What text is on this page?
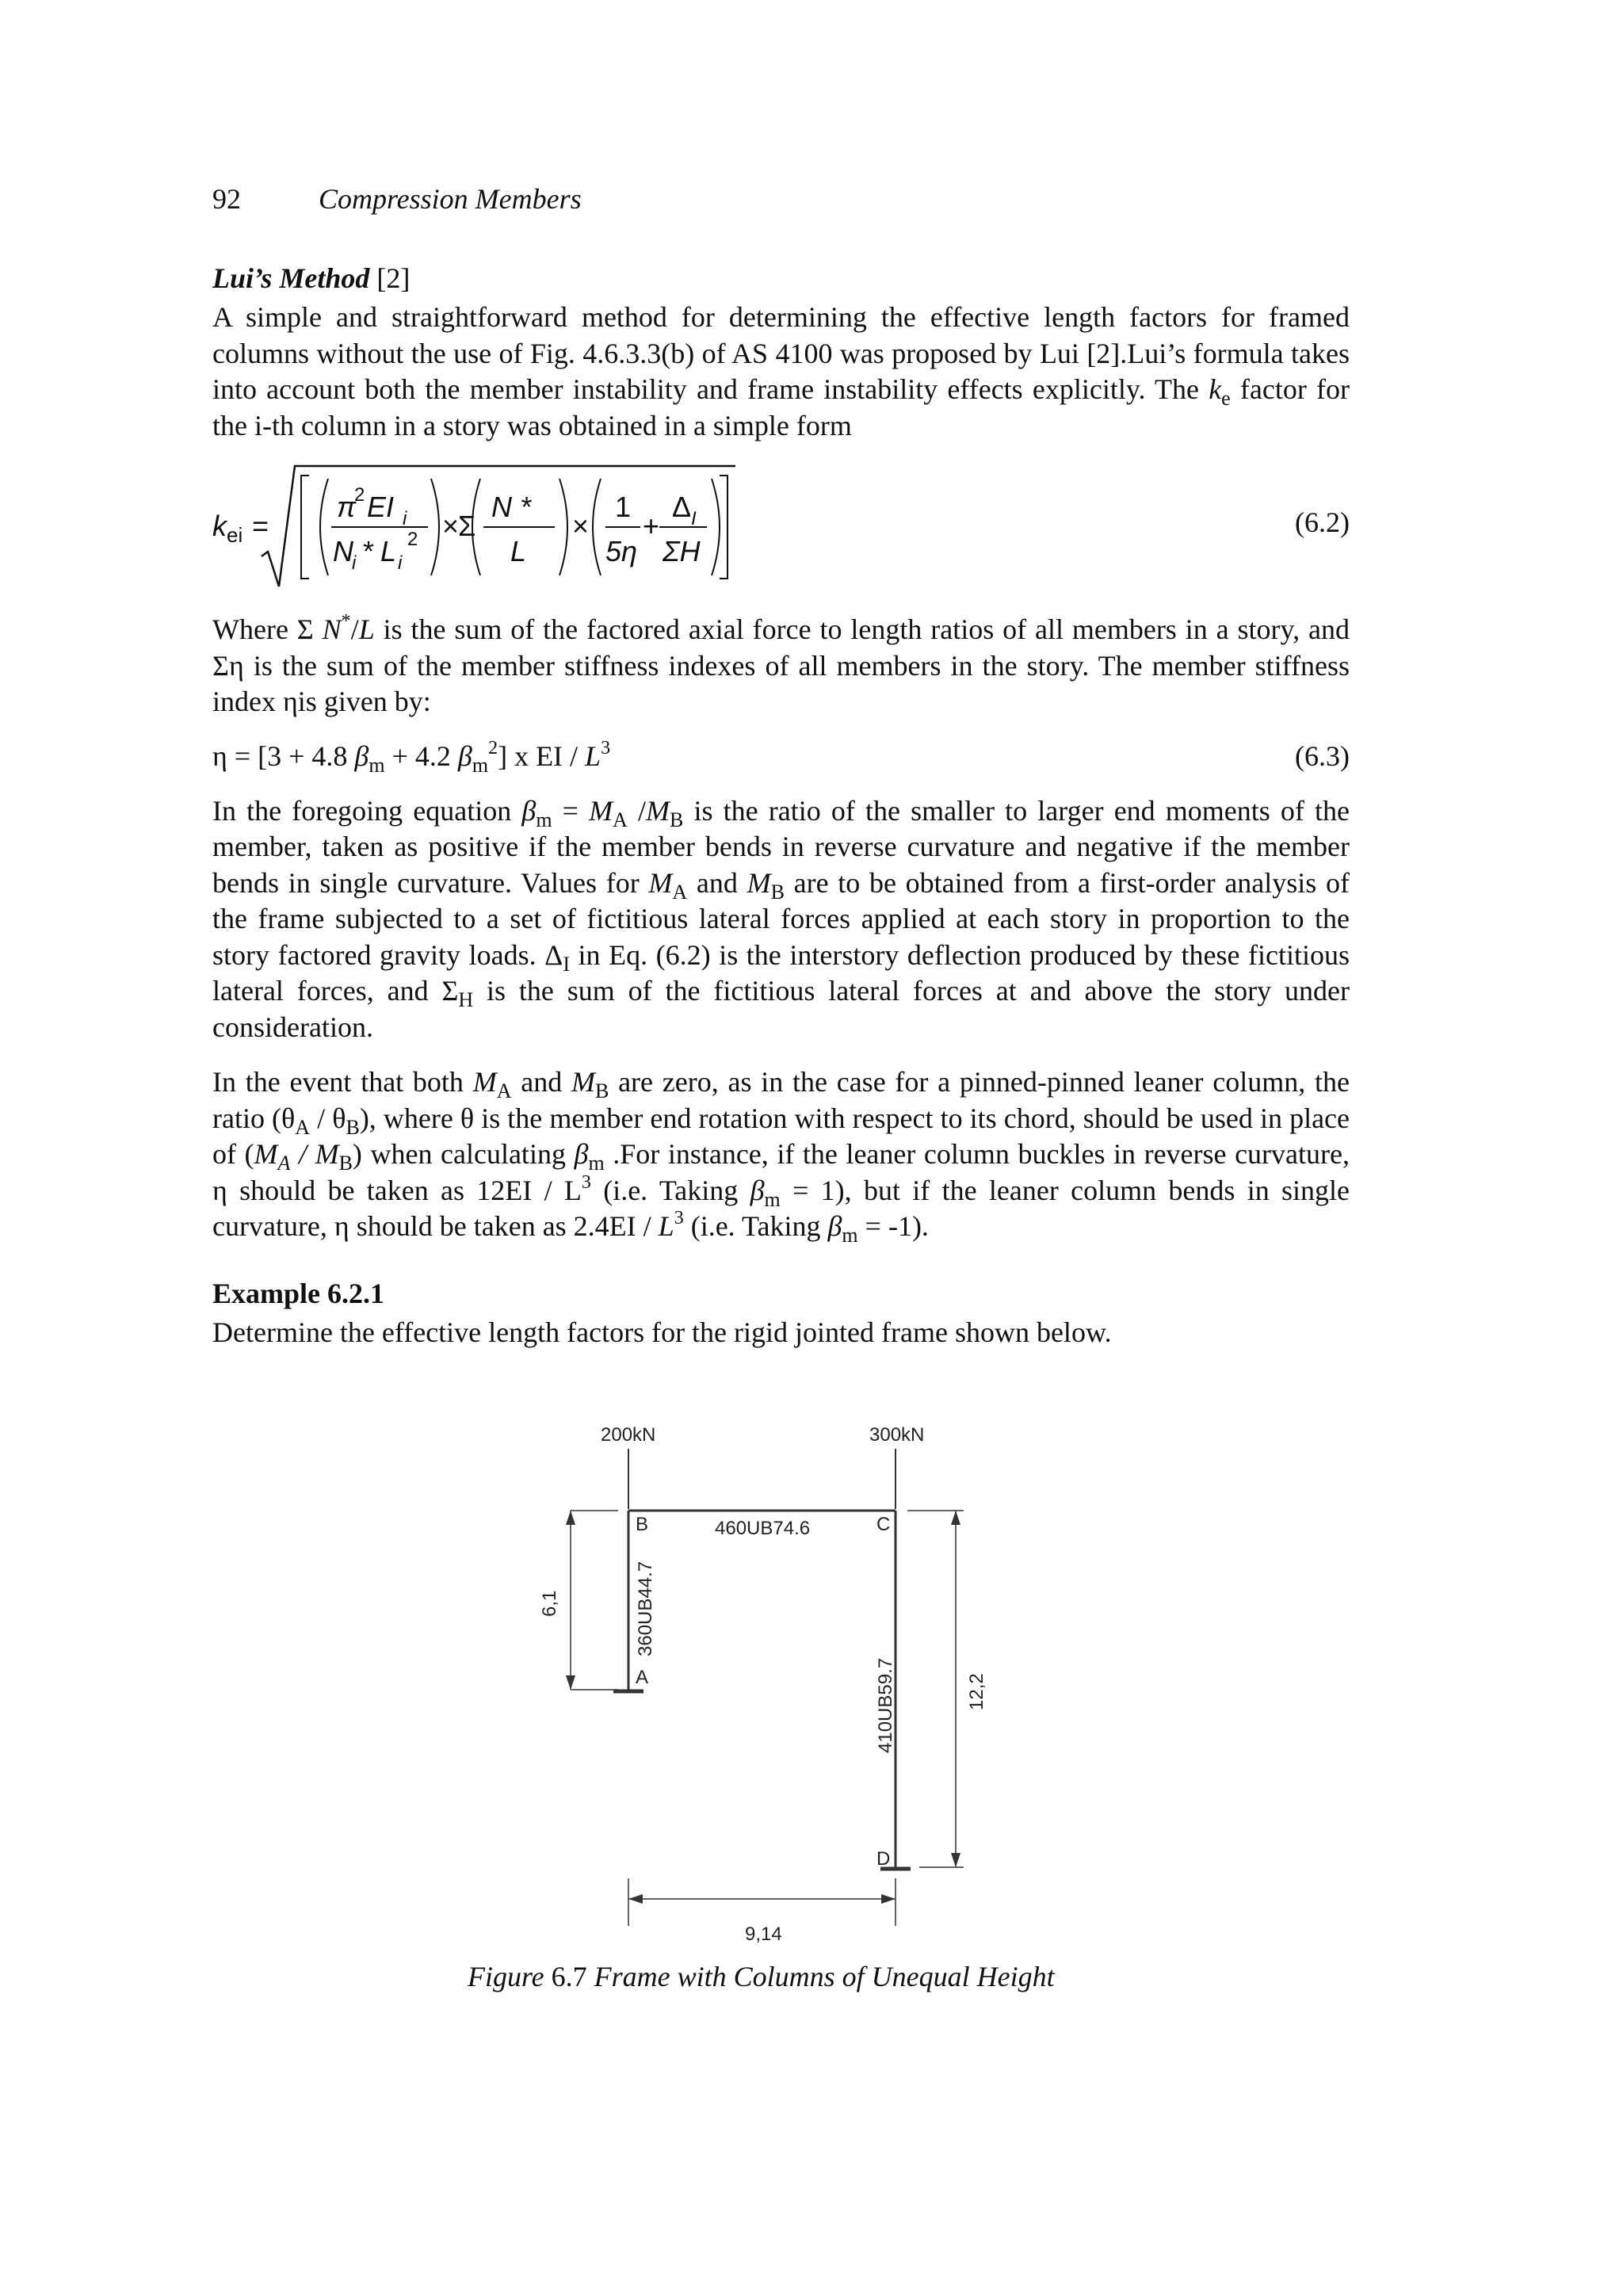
92	Compression Members
Lui’s Method [2]

A simple and straightforward method for determining the effective length factors for framed columns without the use of Fig. 4.6.3.3(b) of AS 4100 was proposed by Lui [2].Lui’s formula takes into account both the member instability and frame instability effects explicitly. The $k_e$ factor for the i-th column in a story was obtained in a simple form

k ei =
π
2 EI i
N
i * L i
2 ×
Σ
N *
L
×
1
5η
+
Δ I
ΣH
(6.2)

Where Σ N*/L is the sum of the factored axial force to length ratios of all members in a story, and Ση is the sum of the member stiffness indexes of all members in the story. The member stiffness index ηis given by:

η = [3 + 4.8 $\beta_m + 4.2$ $\beta_m^2$] x EI / $L^3$	(6.3)

In the foregoing equation $\beta_m = M_A$ $/M_B$ is the ratio of the smaller to larger end moments of the member, taken as positive if the member bends in reverse curvature and negative if the member bends in single curvature. Values for $M_A$ and $M_B$ are to be obtained from a first-order analysis of the frame subjected to a set of fictitious lateral forces applied at each story in proportion to the story factored gravity loads. $\Delta_I$ in Eq. (6.2) is the interstory deflection produced by these fictitious lateral forces, and $\Sigma_H$ is the sum of the fictitious lateral forces at and above the story under consideration.

In the event that both $M_A$ and $M_B$ are zero, as in the case for a pinned-pinned leaner column, the ratio $(\theta_A / \theta_B)$, where θ is the member end rotation with respect to its chord, should be used in place of $(M_A / M_B)$ when calculating $\beta_m$ .For instance, if the leaner column buckles in reverse curvature, η should be taken as $12EI / L^3$ (i.e. Taking $\beta_m = 1$), but if the leaner column bends in single curvature, η should be taken as $2.4EI / L^3$ (i.e. Taking $\beta_m = -1$).

Example 6.2.1

Determine the effective length factors for the rigid jointed frame shown below.

200kN	300kN
B	C
A
D
460UB74.6
360UB44.7
410UB59.7
6,1
12,2
9,14
Figure 6.7 Frame with Columns of Unequal Height
